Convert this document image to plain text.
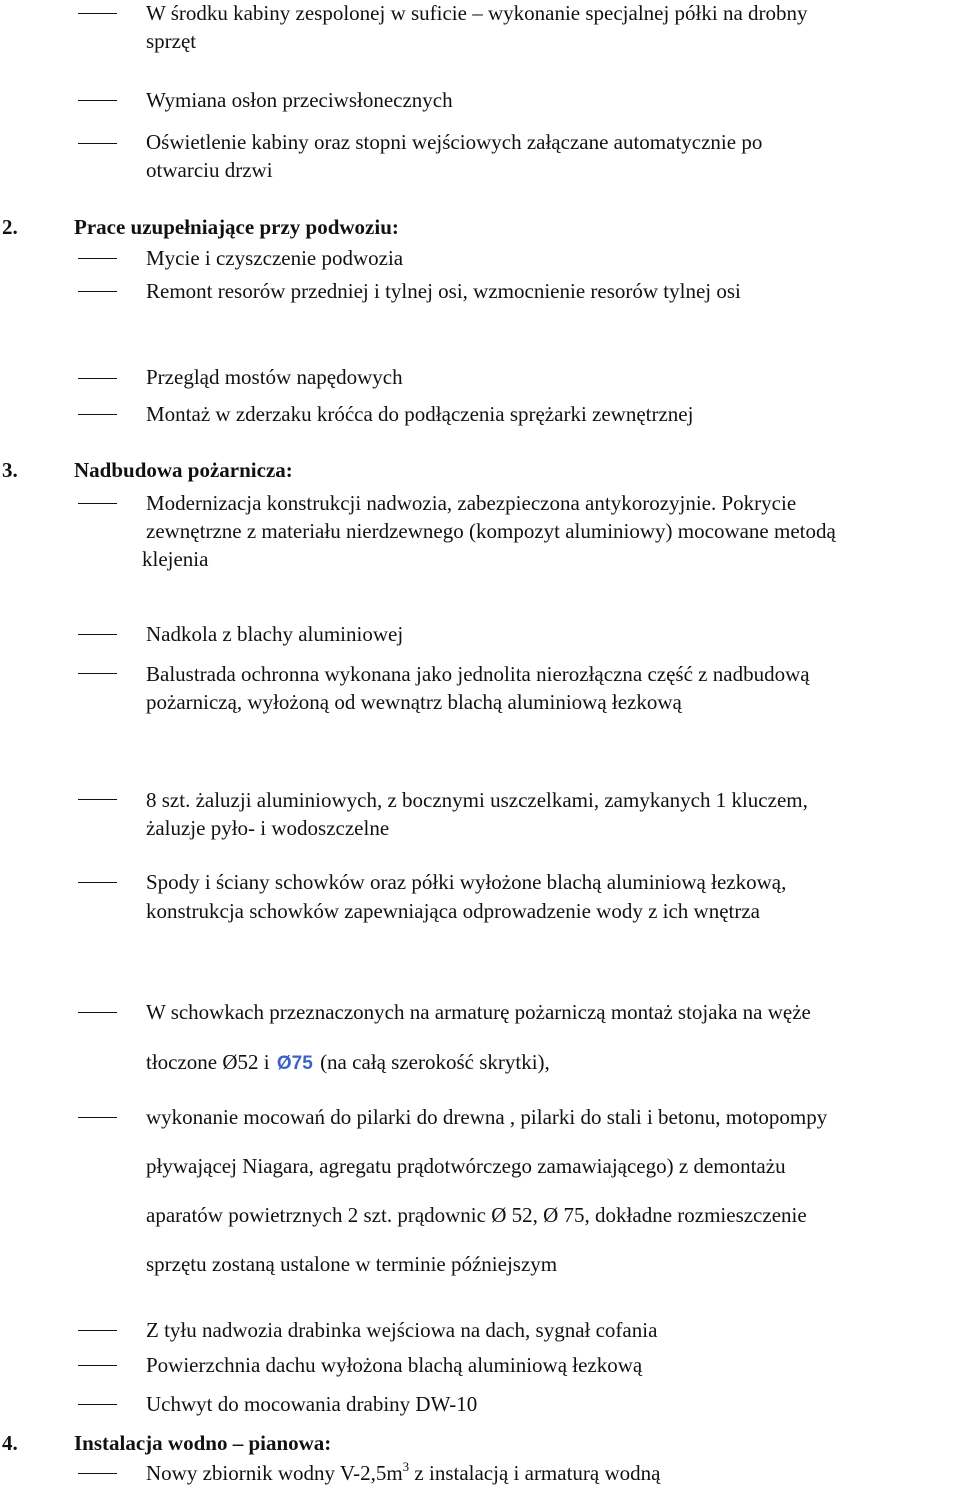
W środku kabiny zespolonej w suficie – wykonanie specjalnej półki na drobny
sprzęt
Wymiana osłon przeciwsłonecznych
Oświetlenie kabiny oraz stopni wejściowych załączane automatycznie po
otwarciu drzwi
2.	Prace uzupełniające przy podwoziu:
Mycie i czyszczenie podwozia
Remont resorów przedniej i tylnej osi, wzmocnienie resorów tylnej osi
Przegląd mostów napędowych
Montaż w zderzaku króćca do podłączenia sprężarki zewnętrznej
3.	Nadbudowa pożarnicza:
Modernizacja konstrukcji nadwozia, zabezpieczona antykorozyjnie. Pokrycie
zewnętrzne z materiału nierdzewnego (kompozyt aluminiowy) mocowane metodą
klejenia
Nadkola z blachy aluminiowej
Balustrada ochronna wykonana jako jednolita nierozłączna część z nadbudową
pożarniczą, wyłożoną od wewnątrz blachą aluminiową łezkową
8 szt. żaluzji aluminiowych, z bocznymi uszczelkami, zamykanych 1 kluczem,
żaluzje pyło- i wodoszczelne
Spody i ściany schowków oraz półki wyłożone blachą aluminiową łezkową,
konstrukcja schowków zapewniająca odprowadzenie wody z ich wnętrza
W schowkach przeznaczonych na armaturę pożarniczą montaż stojaka na węże
tłoczone Ø52 i Ø75 (na całą szerokość skrytki),
wykonanie mocowań do pilarki do drewna , pilarki do stali i betonu, motopompy
pływającej Niagara, agregatu prądotwórczego zamawiającego) z demontażu
aparatów powietrznych 2 szt. prądownic Ø 52, Ø 75, dokładne rozmieszczenie
sprzętu zostaną ustalone w terminie późniejszym
Z tyłu nadwozia drabinka wejściowa na dach, sygnał cofania
Powierzchnia dachu wyłożona blachą aluminiową łezkową
Uchwyt do mocowania drabiny DW-10
4.	Instalacja wodno – pianowa:
Nowy zbiornik wodny $V-2,5m^3$ z instalacją i armaturą wodną
